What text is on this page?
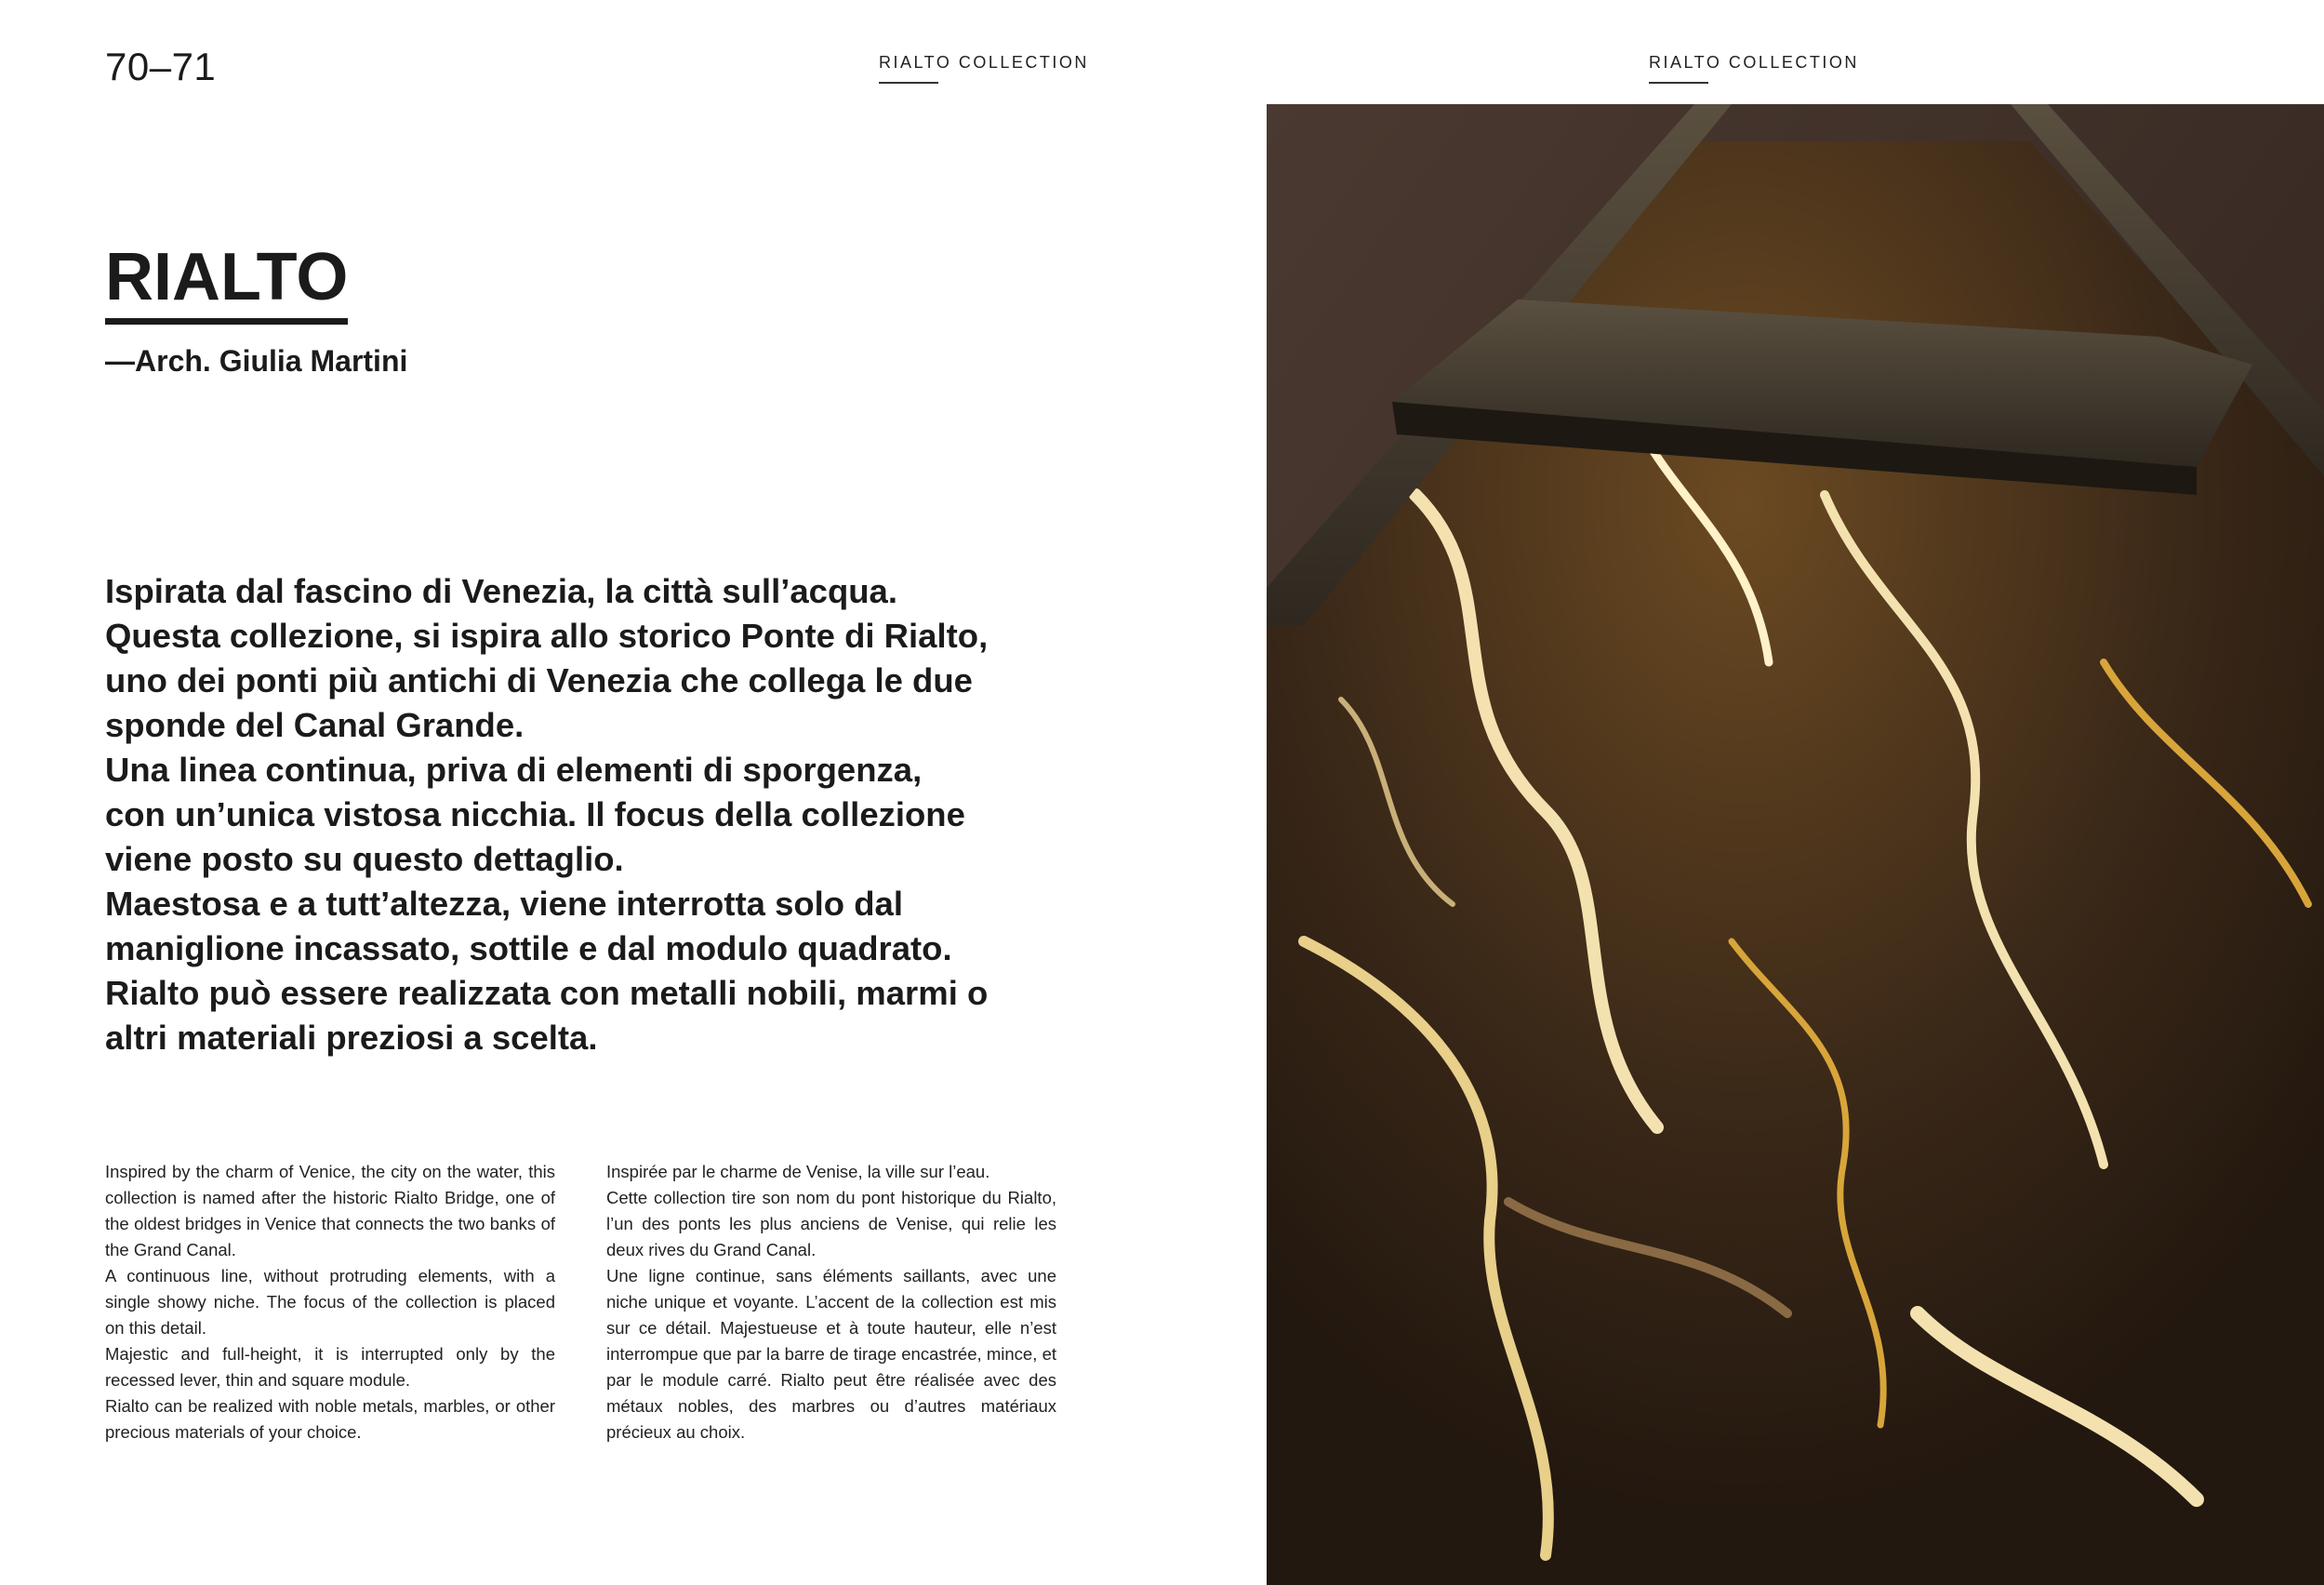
70–71	RIALTO COLLECTION	RIALTO COLLECTION
RIALTO
—Arch. Giulia Martini

Ispirata dal fascino di Venezia, la città sull’acqua.
Questa collezione, si ispira allo storico Ponte di Rialto,
uno dei ponti più antichi di Venezia che collega le due
sponde del Canal Grande.
Una linea continua, priva di elementi di sporgenza,
con un’unica vistosa nicchia. Il focus della collezione
viene posto su questo dettaglio.
Maestosa e a tutt’altezza, viene interrotta solo dal
maniglione incassato, sottile e dal modulo quadrato.
Rialto può essere realizzata con metalli nobili, marmi o
altri materiali preziosi a scelta.

Inspired by the charm of Venice, the city on the water, this collection is named after the historic Rialto Bridge, one of the oldest bridges in Venice that connects the two banks of the Grand Canal.
A continuous line, without protruding elements, with a single showy niche. The focus of the collection is placed on this detail.
Majestic and full-height, it is interrupted only by the recessed lever, thin and square module.
Rialto can be realized with noble metals, marbles, or other precious materials of your choice.

Inspirée par le charme de Venise, la ville sur l’eau.
Cette collection tire son nom du pont historique du Rialto, l’un des ponts les plus anciens de Venise, qui relie les deux rives du Grand Canal.
Une ligne continue, sans éléments saillants, avec une niche unique et voyante. L’accent de la collection est mis sur ce détail. Majestueuse et à toute hauteur, elle n’est interrompue que par la barre de tirage encastrée, mince, et par le module carré. Rialto peut être réalisée avec des métaux nobles, des marbres ou d’autres matériaux précieux au choix.
